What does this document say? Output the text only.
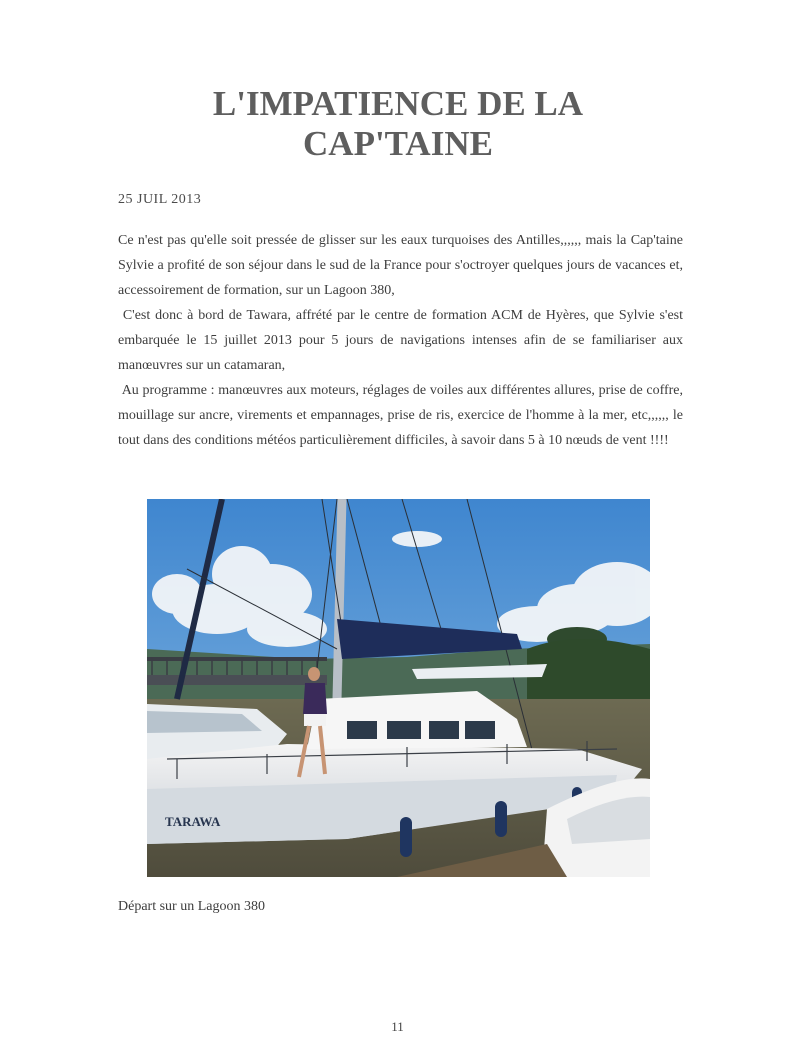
L'IMPATIENCE DE LA
CAP'TAINE
25 JUIL 2013

Ce n'est pas qu'elle soit pressée de glisser sur les eaux turquoises des Antilles,,,,,, mais la Cap'taine Sylvie a profité de son séjour dans le sud de la France pour s'octroyer quelques jours de vacances et, accessoirement de formation, sur un Lagoon 380,

C'est donc à bord de Tawara, affrété par le centre de formation ACM de Hyères, que Sylvie s'est embarquée le 15 juillet 2013 pour 5 jours de navigations intenses afin de se familiariser aux manœuvres sur un catamaran,

Au programme : manœuvres aux moteurs, réglages de voiles aux différentes allures, prise de coffre, mouillage sur ancre, virements et empannages, prise de ris, exercice de l'homme à la mer, etc,,,,,, le tout dans des conditions météos particulièrement difficiles, à savoir dans 5 à 10 nœuds de vent !!!!

TARAWA
Départ sur un Lagoon 380
11
